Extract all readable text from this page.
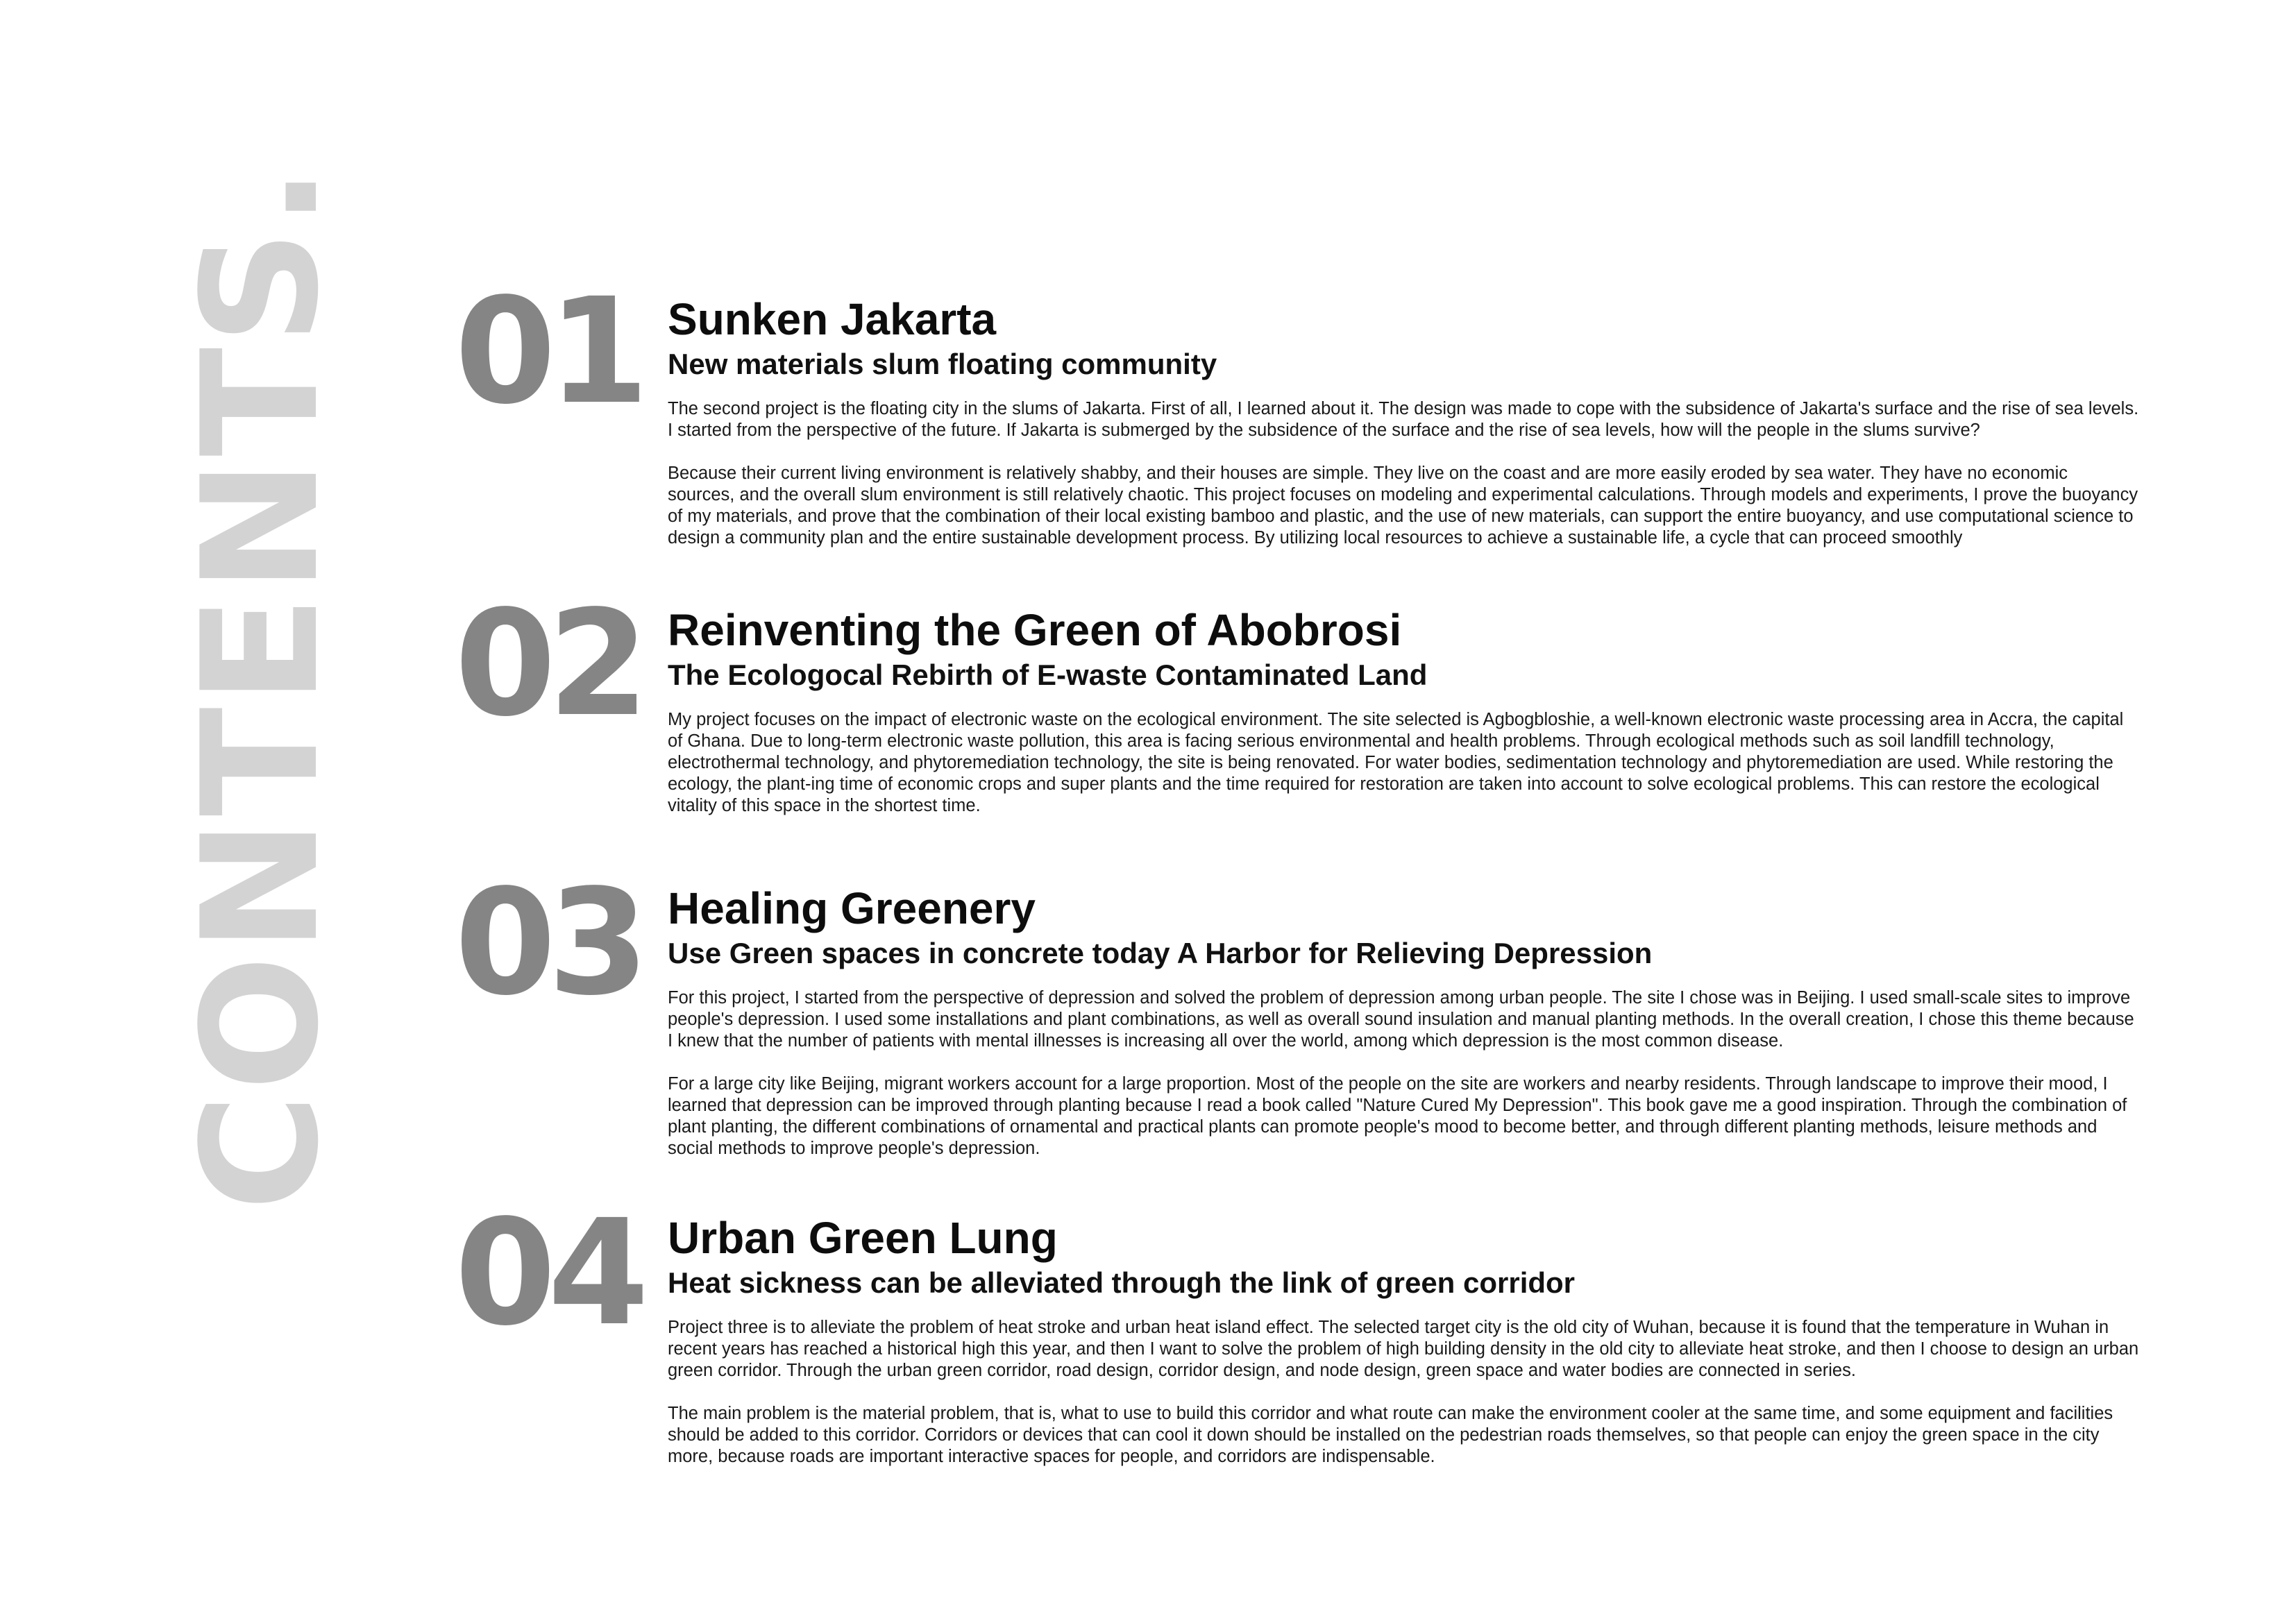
CONTENTS. 01 Sunken Jakarta
New materials slum floating community

The second project is the floating city in the slums of Jakarta. First of all, I learned about it. The design was made to cope with the subsidence of Jakarta's surface and the rise of sea levels. I started from the perspective of the future. If Jakarta is submerged by the subsidence of the surface and the rise of sea levels, how will the people in the slums survive?

Because their current living environment is relatively shabby, and their houses are simple. They live on the coast and are more easily eroded by sea water. They have no economic sources, and the overall slum environment is still relatively chaotic. This project focuses on modeling and experimental calculations. Through models and experiments, I prove the buoyancy of my materials, and prove that the combination of their local existing bamboo and plastic, and the use of new materials, can support the entire buoyancy, and use computational science to design a community plan and the entire sustainable development process. By utilizing local resources to achieve a sustainable life, a cycle that can proceed smoothly

02 Reinventing the Green of Abobrosi
The Ecologocal Rebirth of E-waste Contaminated Land

My project focuses on the impact of electronic waste on the ecological environment. The site selected is Agbogbloshie, a well-known electronic waste processing area in Accra, the capital of Ghana. Due to long-term electronic waste pollution, this area is facing serious environmental and health problems. Through ecological methods such as soil landfill technology, electrothermal technology, and phytoremediation technology, the site is being renovated. For water bodies, sedimentation technology and phytoremediation are used. While restoring the ecology, the plant-ing time of economic crops and super plants and the time required for restoration are taken into account to solve ecological problems. This can restore the ecological vitality of this space in the shortest time.

03 Healing Greenery
Use Green spaces in concrete today A Harbor for Relieving Depression

For this project, I started from the perspective of depression and solved the problem of depression among urban people. The site I chose was in Beijing. I used small-scale sites to improve people's depression. I used some installations and plant combinations, as well as overall sound insulation and manual planting methods. In the overall creation, I chose this theme because I knew that the number of patients with mental illnesses is increasing all over the world, among which depression is the most common disease.

For a large city like Beijing, migrant workers account for a large proportion. Most of the people on the site are workers and nearby residents. Through landscape to improve their mood, I learned that depression can be improved through planting because I read a book called "Nature Cured My Depression". This book gave me a good inspiration. Through the combination of plant planting, the different combinations of ornamental and practical plants can promote people's mood to become better, and through different planting methods, leisure methods and social methods to improve people's depression.

04 Urban Green Lung
Heat sickness can be alleviated through the link of green corridor

Project three is to alleviate the problem of heat stroke and urban heat island effect. The selected target city is the old city of Wuhan, because it is found that the temperature in Wuhan in recent years has reached a historical high this year, and then I want to solve the problem of high building density in the old city to alleviate heat stroke, and then I choose to design an urban green corridor. Through the urban green corridor, road design, corridor design, and node design, green space and water bodies are connected in series.

The main problem is the material problem, that is, what to use to build this corridor and what route can make the environment cooler at the same time, and some equipment and facilities should be added to this corridor. Corridors or devices that can cool it down should be installed on the pedestrian roads themselves, so that people can enjoy the green space in the city more, because roads are important interactive spaces for people, and corridors are indispensable.
